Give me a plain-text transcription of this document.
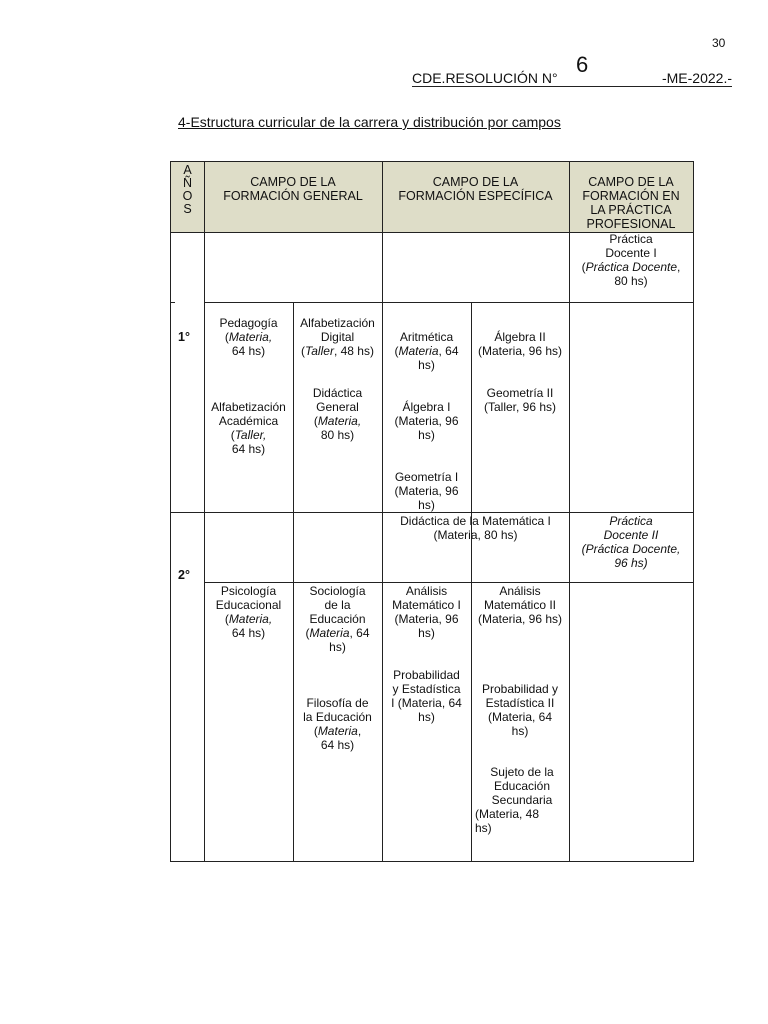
30
CDE.RESOLUCIÓN N°
6
-ME-2022.-
4-Estructura curricular de la carrera y distribución por campos
A
Ñ
O
S
CAMPO DE LA
FORMACIÓN GENERAL
CAMPO DE LA
FORMACIÓN ESPECÍFICA
CAMPO DE LA
FORMACIÓN EN
LA PRÁCTICA
PROFESIONAL
1°
2°
Práctica
Docente I
(Práctica Docente,
80 hs)
Pedagogía
(Materia,
64 hs)
Alfabetización
Académica
(Taller,
64 hs)
Alfabetización
Digital
(Taller, 48 hs)
Didáctica
General
(Materia,
80 hs)
Aritmética
(Materia, 64
hs)
Álgebra I
(Materia, 96
hs)
Geometría I
(Materia, 96
hs)
Álgebra II
(Materia, 96 hs)
Geometría II
(Taller, 96 hs)
Didáctica de la Matemática I
(Materia, 80 hs)
Práctica
Docente II
(Práctica Docente,
96 hs)
Psicología
Educacional
(Materia,
64 hs)
Sociología
de la
Educación
(Materia, 64
hs)
Filosofía de
la Educación
(Materia,
64 hs)
Análisis
Matemático I
(Materia, 96
hs)
Probabilidad
y Estadística
I (Materia, 64
hs)
Análisis
Matemático II
(Materia, 96 hs)
Probabilidad y
Estadística II
(Materia, 64
hs)
Sujeto de la
Educación
Secundaria
(Materia, 48
hs)
